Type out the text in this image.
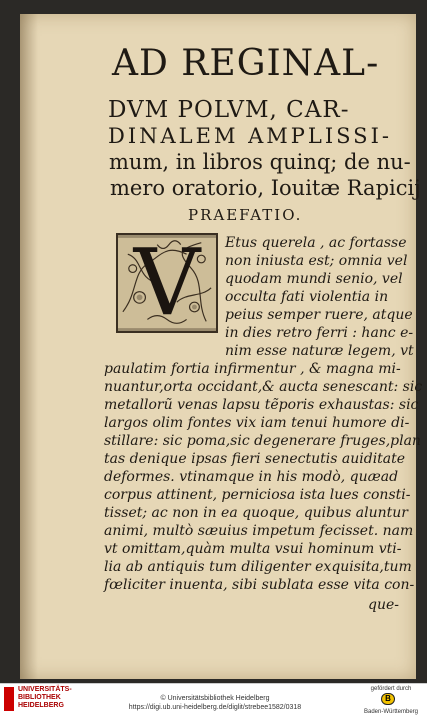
AD REGINAL-
DVM POLVM, CAR-
DINALEM AMPLISSI-
mum, in libros quinq; de nu-
mero oratorio, Iouitæ Rapicij
PRAEFATIO.
Etus querela , ac fortasse
non iniusta est; omnia vel
quodam mundi senio, vel
occulta fati violentia in
peius semper ruere, atque
in dies retro ferri : hanc e-
nim esse naturæ legem, vt
paulatim fortia infirmentur , & magna mi-
nuantur,orta occidant,& aucta senescant: sic
metallorũ venas lapsu tẽporis exhaustas: sic
largos olim fontes vix iam tenui humore di-
stillare: sic poma,sic degenerare fruges,plan
tas denique ipsas fieri senectutis auiditate
deformes. vtinamque in his modò, quæad
corpus attinent, perniciosa ista lues consti-
tisset; ac non in ea quoque, quibus aluntur
animi, multò sæuius impetum fecisset. nam
vt omittam,quàm multa vsui hominum vti-
lia ab antiquis tum diligenter exquisita,tum
fœliciter inuenta, sibi sublata esse vita con-
que-
V
UNIVERSITÄTS-
BIBLIOTHEK
HEIDELBERG
© Universitätsbibliothek Heidelberg
https://digi.ub.uni-heidelberg.de/diglit/strebee1582/0318
gefördert durch
Baden-Württemberg
B
